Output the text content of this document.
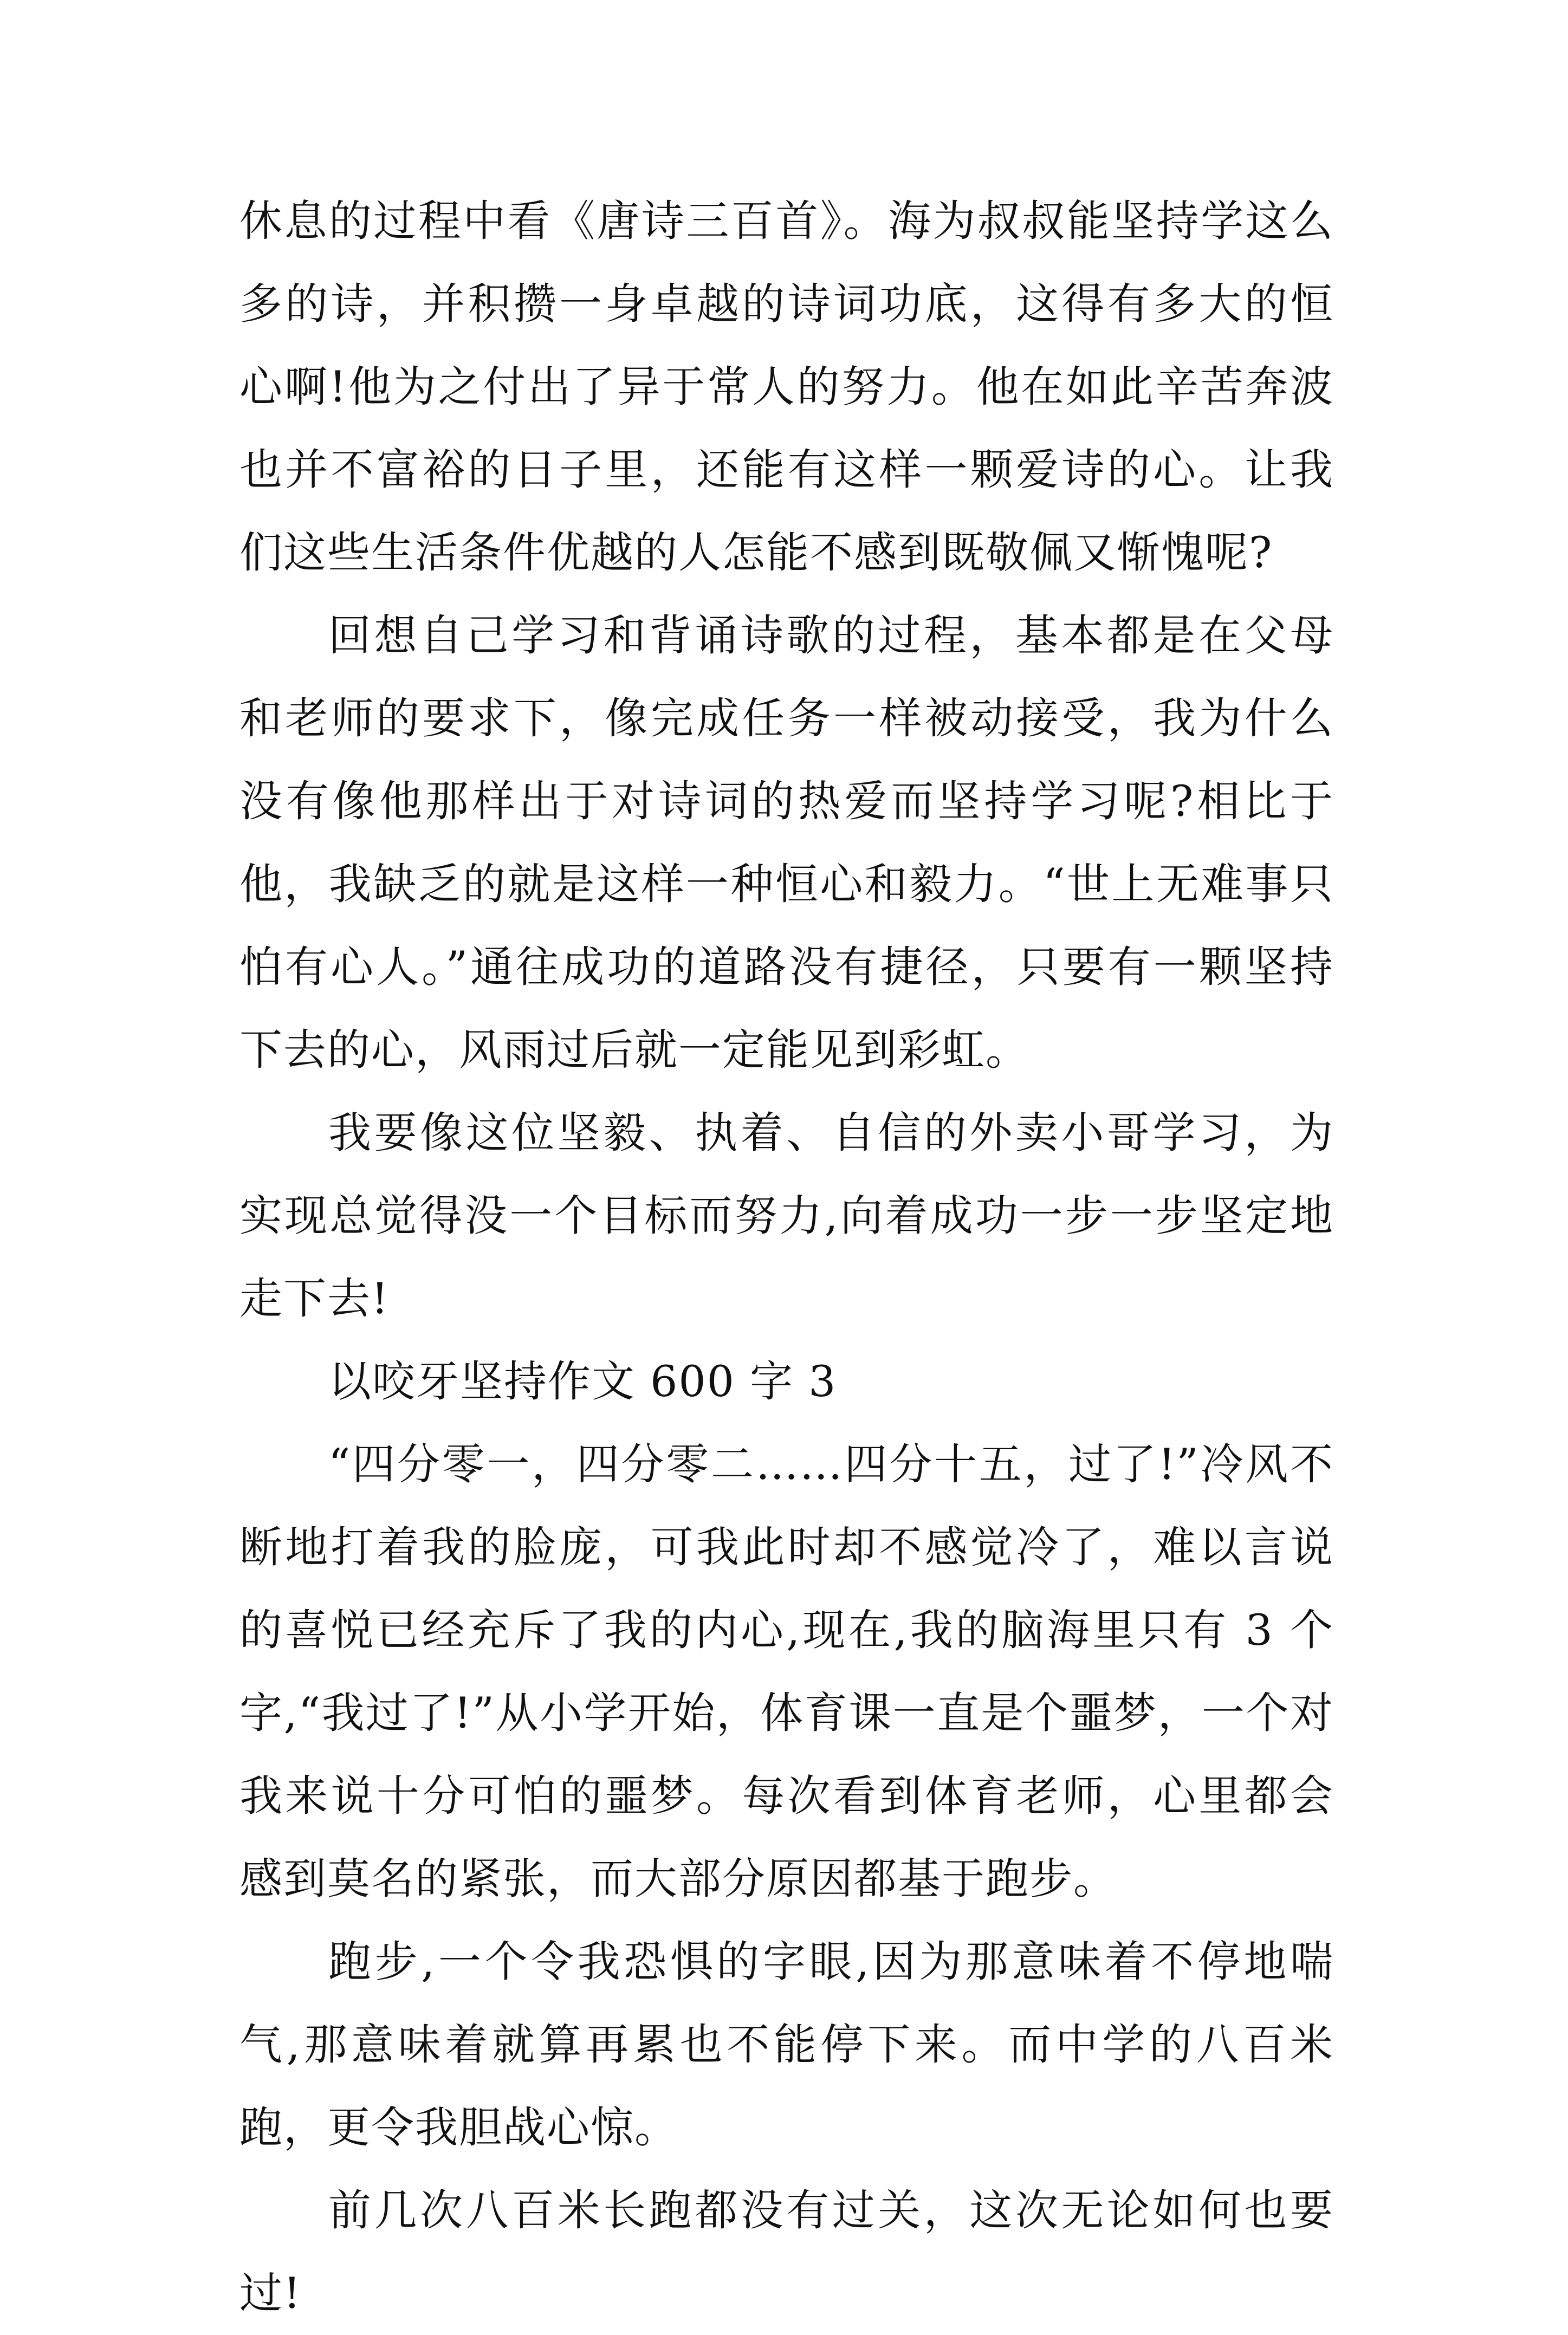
休息的过程中看《唐诗三百首》。海为叔叔能坚持学这么多的诗，并积攒一身卓越的诗词功底，这得有多大的恒心啊!他为之付出了异于常人的努力。他在如此辛苦奔波也并不富裕的日子里，还能有这样一颗爱诗的心。让我们这些生活条件优越的人怎能不感到既敬佩又惭愧呢?

回想自己学习和背诵诗歌的过程，基本都是在父母和老师的要求下，像完成任务一样被动接受，我为什么没有像他那样出于对诗词的热爱而坚持学习呢?相比于他，我缺乏的就是这样一种恒心和毅力。“世上无难事只怕有心人。”通往成功的道路没有捷径，只要有一颗坚持下去的心，风雨过后就一定能见到彩虹。

我要像这位坚毅、执着、自信的外卖小哥学习，为实现总觉得没一个目标而努力,向着成功一步一步坚定地走下去!

以咬牙坚持作文 600 字 3

“四分零一，四分零二……四分十五，过了!”冷风不断地打着我的脸庞，可我此时却不感觉冷了，难以言说的喜悦已经充斥了我的内心,现在,我的脑海里只有 3 个字,“我过了!”从小学开始，体育课一直是个噩梦，一个对我来说十分可怕的噩梦。每次看到体育老师，心里都会感到莫名的紧张，而大部分原因都基于跑步。

跑步,一个令我恐惧的字眼,因为那意味着不停地喘气,那意味着就算再累也不能停下来。而中学的八百米跑，更令我胆战心惊。

前几次八百米长跑都没有过关，这次无论如何也要过!
